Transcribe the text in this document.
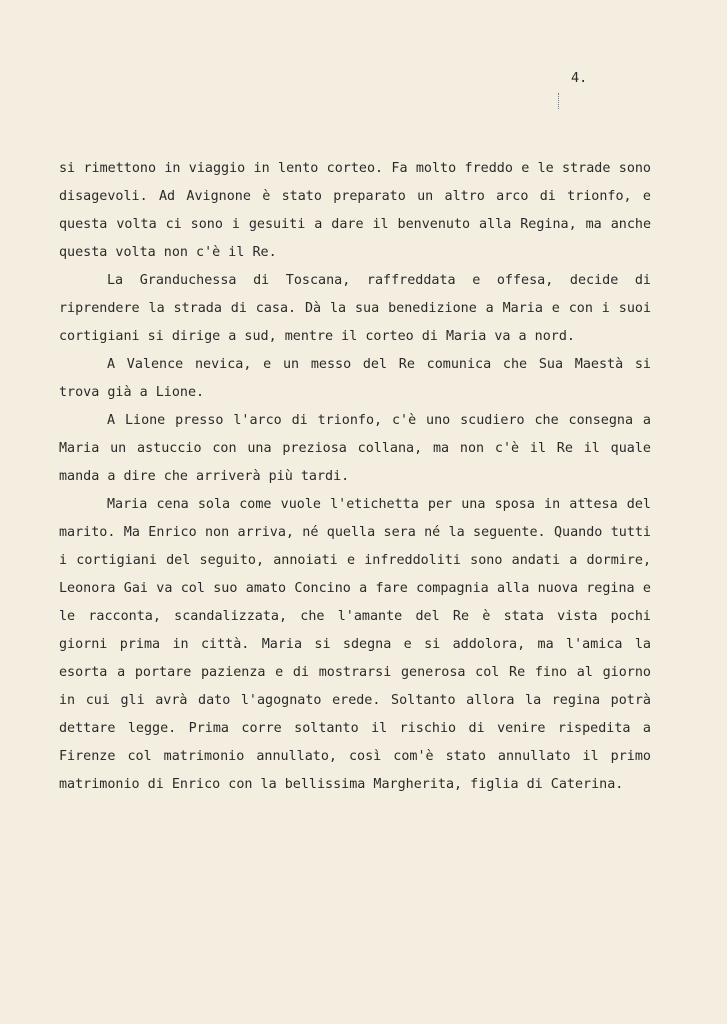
4.

si rimettono in viaggio in lento corteo. Fa molto freddo e le strade sono disagevoli. Ad Avignone è stato preparato un altro arco di trionfo, e questa volta ci sono i gesuiti a dare il benvenuto alla Regina, ma anche questa volta non c'è il Re.

La Granduchessa di Toscana, raffreddata e offesa, decide di riprendere la strada di casa. Dà la sua benedizione a Maria e con i suoi cortigiani si dirige a sud, mentre il corteo di Maria va a nord.

A Valence nevica, e un messo del Re comunica che Sua Maestà si trova già a Lione.

A Lione presso l'arco di trionfo, c'è uno scudiero che consegna a Maria un astuccio con una preziosa collana, ma non c'è il Re il quale manda a dire che arriverà più tardi.

Maria cena sola come vuole l'etichetta per una sposa in attesa del marito. Ma Enrico non arriva, né quella sera né la seguente. Quando tutti i cortigiani del seguito, annoiati e infreddoliti sono andati a dormire, Leonora Gai va col suo amato Concino a fare compagnia alla nuova regina e le racconta, scandalizzata, che l'amante del Re è stata vista pochi giorni prima in città. Maria si sdegna e si addolora, ma l'amica la esorta a portare pazienza e di mostrarsi generosa col Re fino al giorno in cui gli avrà dato l'agognato erede. Soltanto allora la regina potrà dettare legge. Prima corre soltanto il rischio di venire rispedita a Firenze col matrimonio annullato, così com'è stato annullato il primo matrimonio di Enrico con la bellissima Margherita, figlia di Caterina.
